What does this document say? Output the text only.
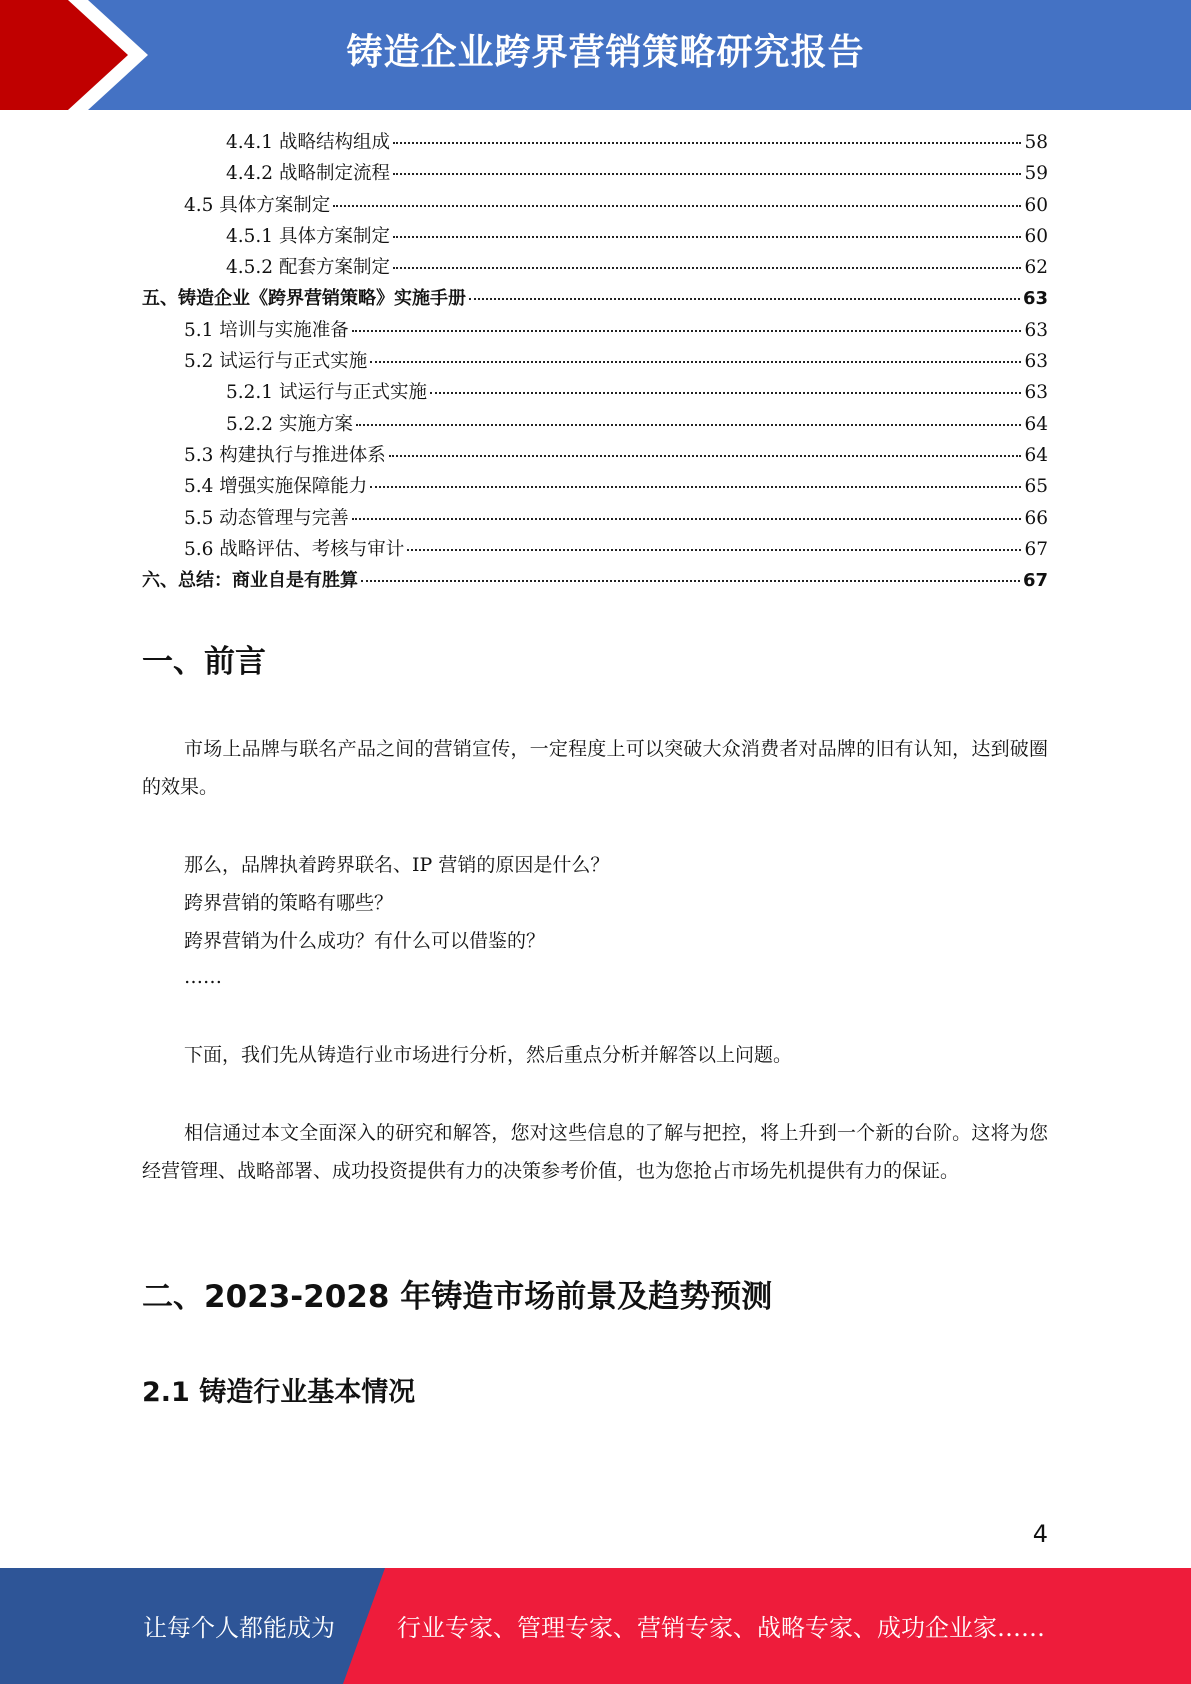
铸造企业跨界营销策略研究报告
4.4.1 战略结构组成	58
4.4.2 战略制定流程	59
4.5 具体方案制定	60
4.5.1 具体方案制定	60
4.5.2 配套方案制定	62
五、铸造企业《跨界营销策略》实施手册	63
5.1 培训与实施准备	63
5.2 试运行与正式实施	63
5.2.1 试运行与正式实施	63
5.2.2 实施方案	64
5.3 构建执行与推进体系	64
5.4 增强实施保障能力	65
5.5 动态管理与完善	66
5.6 战略评估、考核与审计	67
六、总结：商业自是有胜算	67
一、前言

市场上品牌与联名产品之间的营销宣传，一定程度上可以突破大众消费者对品牌的旧有认知，达到破圈的效果。

那么，品牌执着跨界联名、IP 营销的原因是什么？

跨界营销的策略有哪些？

跨界营销为什么成功？有什么可以借鉴的？

……

下面，我们先从铸造行业市场进行分析，然后重点分析并解答以上问题。

相信通过本文全面深入的研究和解答，您对这些信息的了解与把控，将上升到一个新的台阶。这将为您经营管理、战略部署、成功投资提供有力的决策参考价值，也为您抢占市场先机提供有力的保证。

二、2023-2028 年铸造市场前景及趋势预测
2.1 铸造行业基本情况
4
让每个人都能成为	行业专家、管理专家、营销专家、战略专家、成功企业家……
